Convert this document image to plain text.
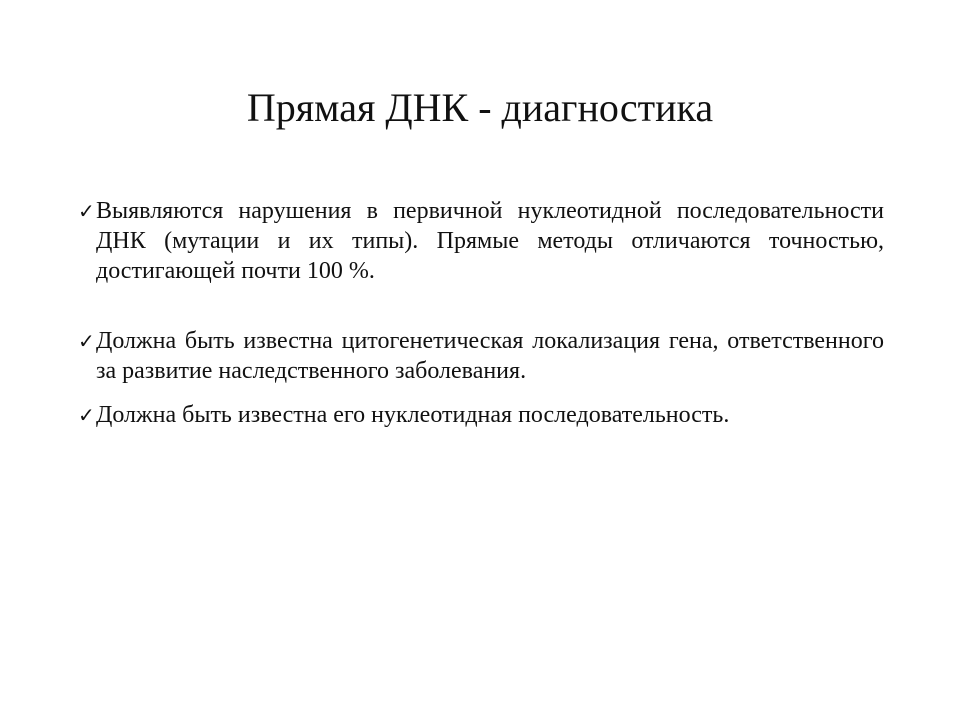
Прямая ДНК - диагностика
✓ Выявляются нарушения в первичной нуклеотидной последовательности ДНК (мутации и их типы). Прямые методы отличаются точностью, достигающей почти 100 %.
✓ Должна быть известна цитогенетическая локализация гена, ответственного за развитие наследственного заболевания.
✓ Должна быть известна его нуклеотидная последовательность.
